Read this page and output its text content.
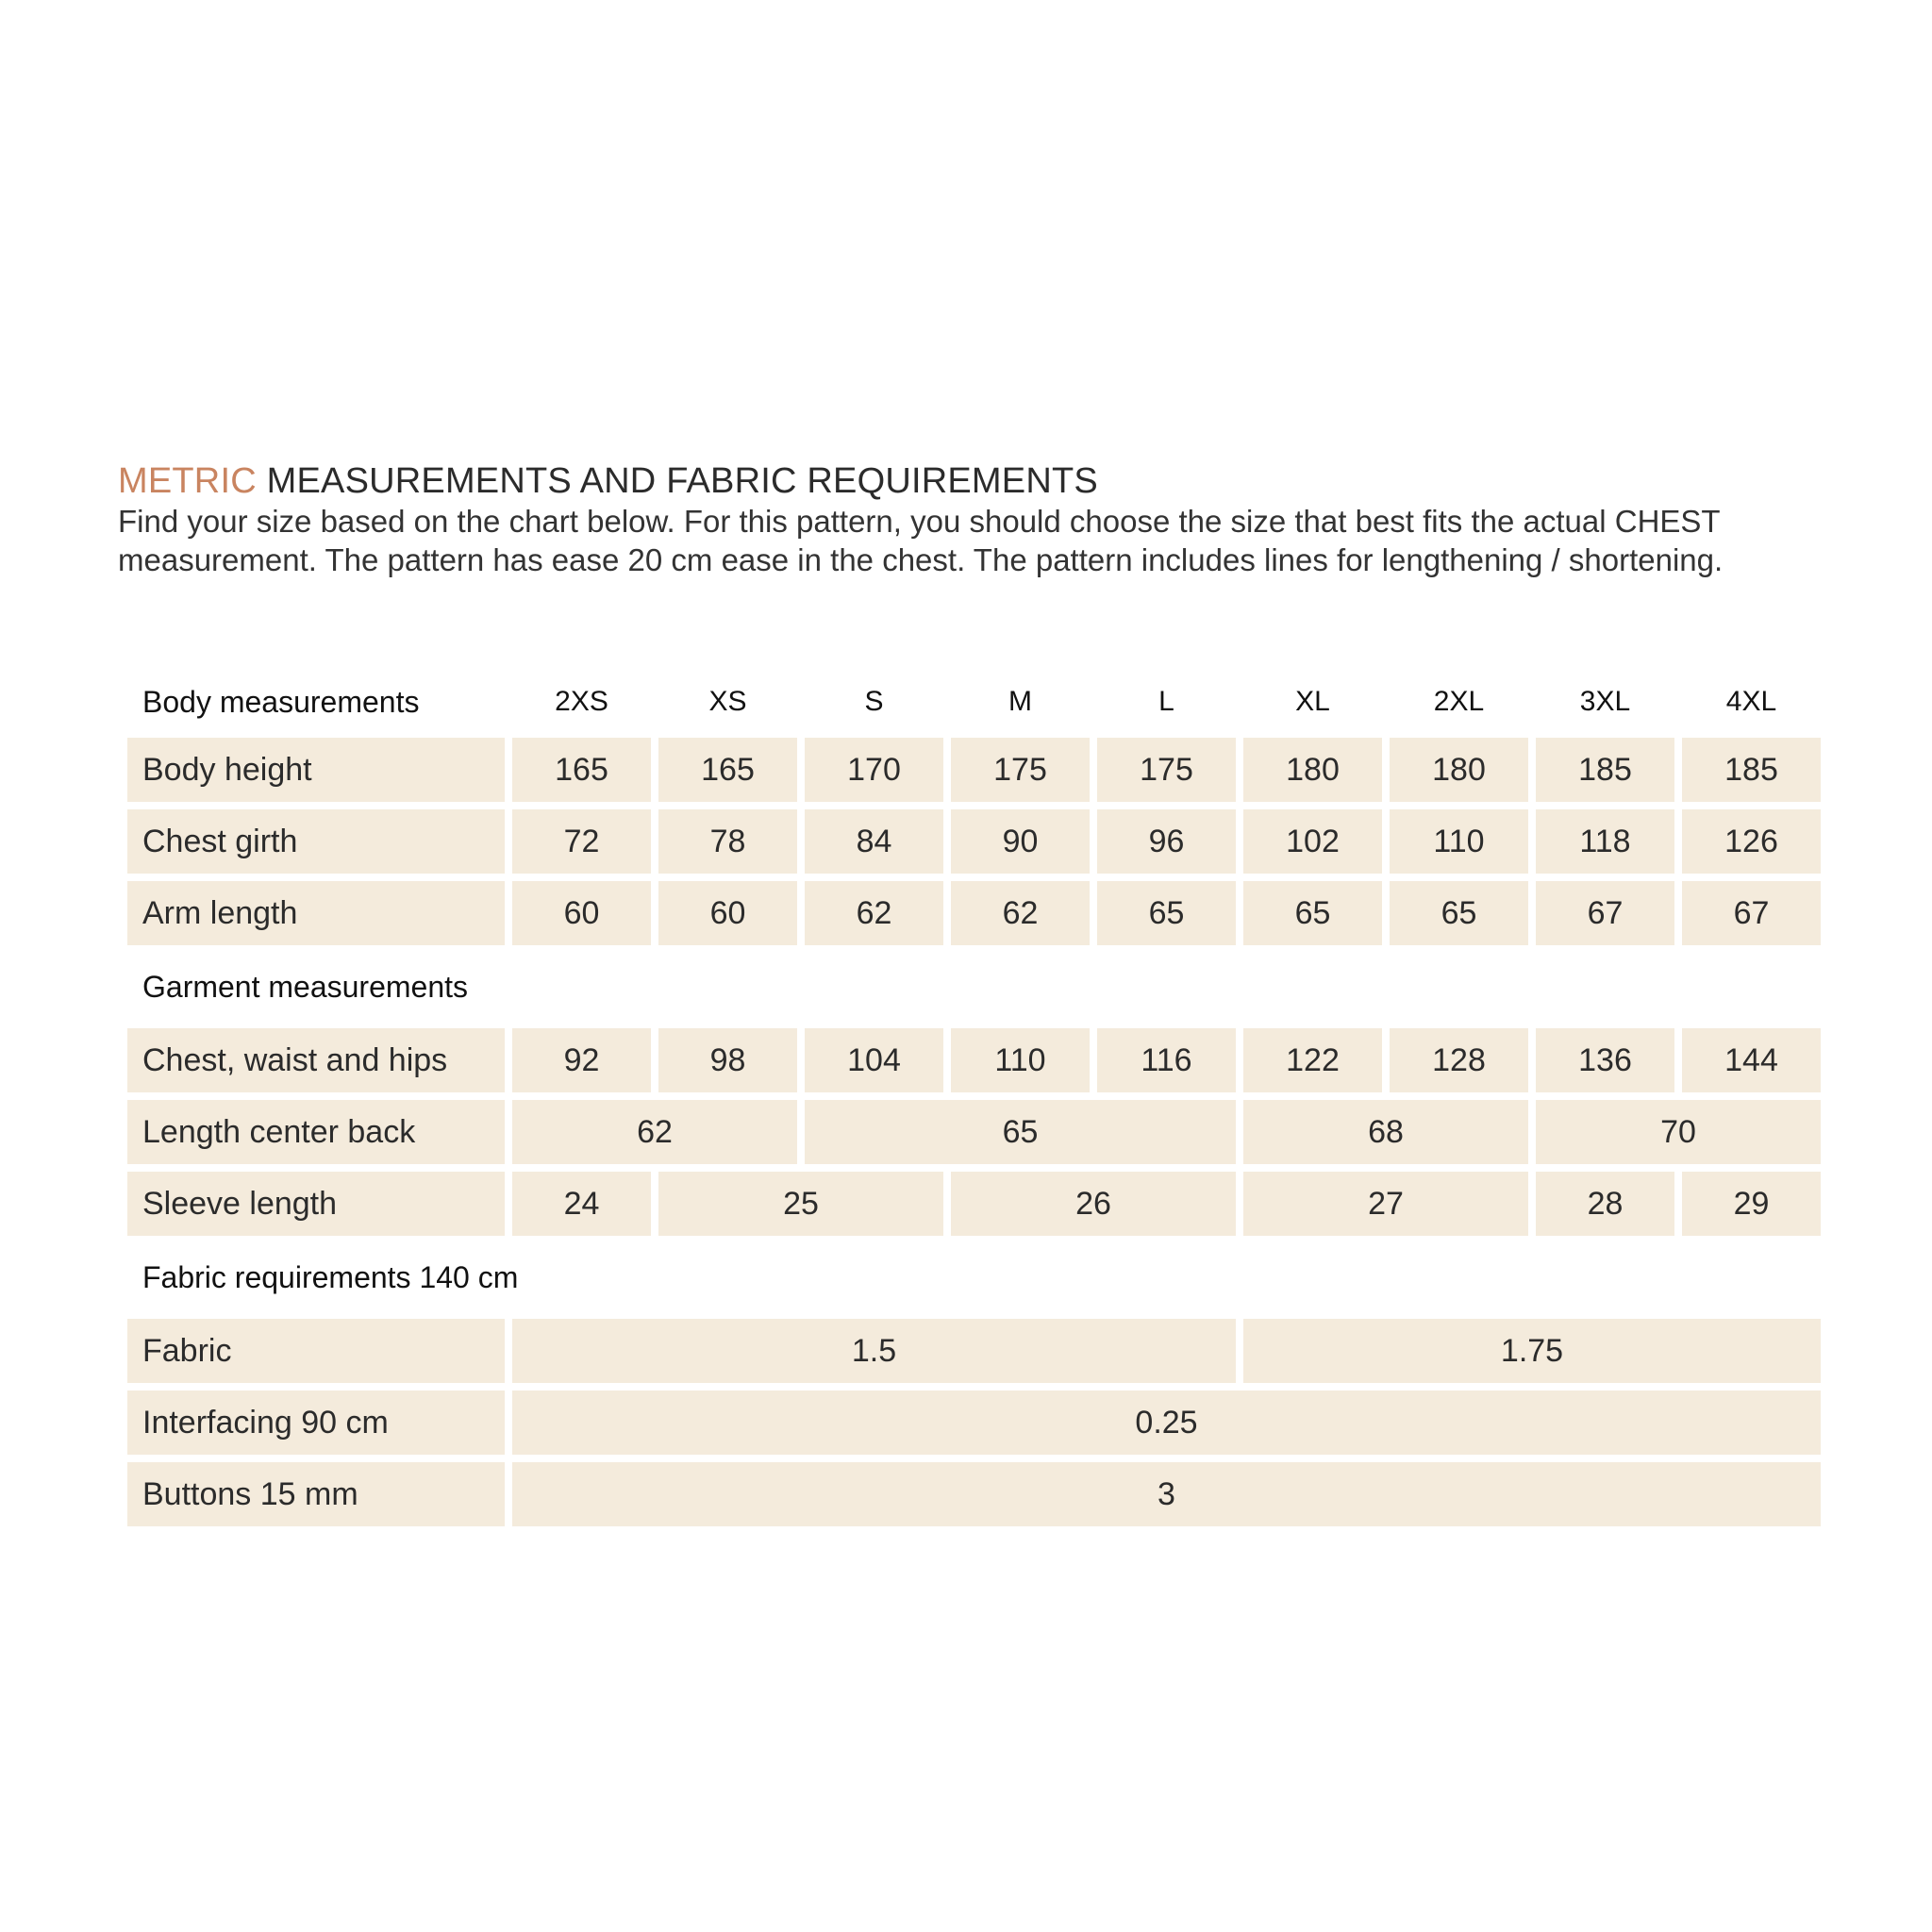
METRIC MEASUREMENTS AND FABRIC REQUIREMENTS

Find your size based on the chart below. For this pattern, you should choose the size that best fits the actual CHEST measurement. The pattern has ease 20 cm ease in the chest. The pattern includes lines for lengthening / shortening.

Body measurements	2XS	XS	S	M	L	XL	2XL	3XL	4XL
Body height	165	165	170	175	175	180	180	185	185
Chest girth	72	78	84	90	96	102	110	118	126
Arm length	60	60	62	62	65	65	65	67	67
Garment measurements
Chest, waist and hips	92	98	104	110	116	122	128	136	144
Length center back	62	65	68	70
Sleeve length	24	25	26	27	28	29
Fabric requirements 140 cm
Fabric	1.5	1.75
Interfacing 90 cm	0.25
Buttons 15 mm	3
